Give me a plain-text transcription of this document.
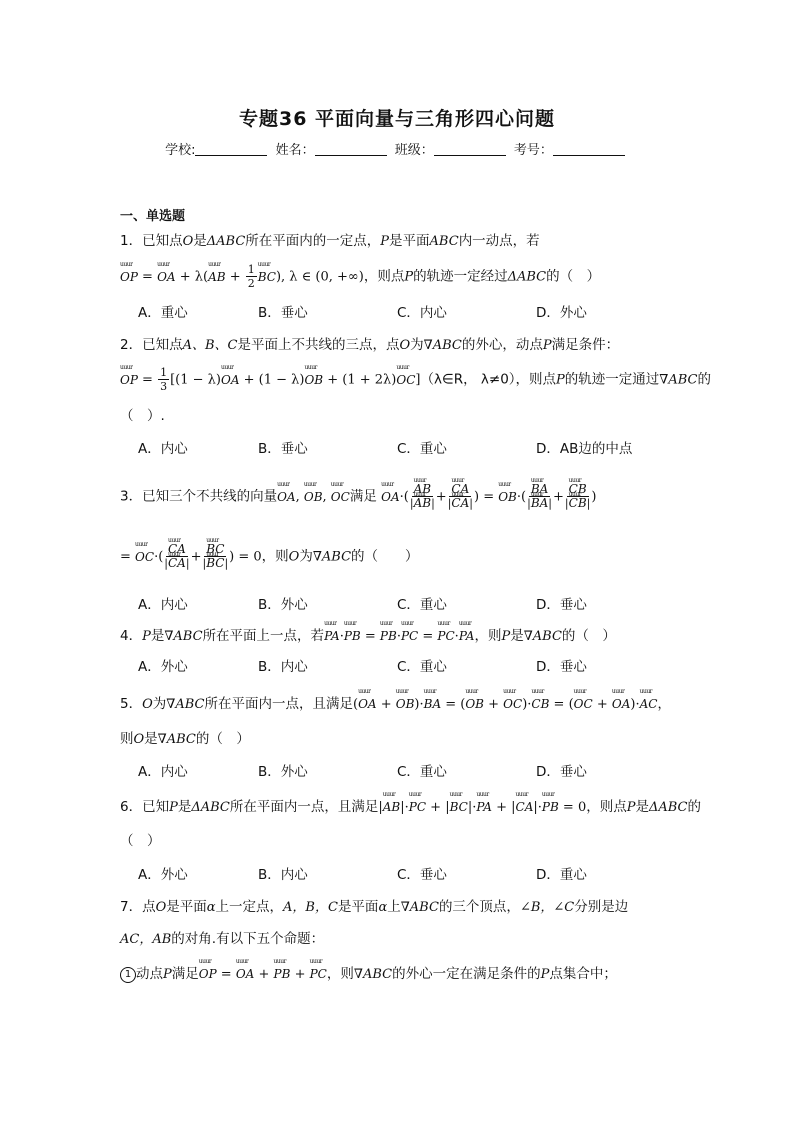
专题36 平面向量与三角形四心问题
学校:	姓名：	班级：	考号：
一、单选题
1．已知点O是ΔABC所在平面内的一定点，P是平面ABC内一动点，若
uuur OP = uuur OA + λ(uuur AB + $\frac{1}{2}$ uuur BC), λ ∈ (0, +∞)，则点P的轨迹一定经过ΔABC的（　）
A．重心	B．垂心	C．内心	D．外心
2．已知点A、B、C是平面上不共线的三点，点O为∇ABC的外心，动点P满足条件：
uuur OP = $\frac{1}{3} [(1$ − λ)uuur OA + (1 − λ)uuur OB + (1 + 2λ)uuur OC]（λ∈R， λ≠0），则点P的轨迹一定通过∇ABC的
（　）.
A．内心	B．垂心	C．重心	D．AB边的中点
3．已知三个不共线的向量uuur OA, uuur OB, uuur OC满足 uuur OA·( uuur $\frac{AB}{\text{|uuur AB|}}$ + uuur $\frac{CA}{\text{|uuur CA|}}$ ) = uuur OB·( uuur $\frac{BA}{\text{|uuur BA|}}$ + uuur $\frac{CB}{\text{|uuur CB|}}$ )
= uuur OC·( uuur $\frac{CA}{\text{|uuur CA|}}$ + uuur $\frac{BC}{\text{|uuur BC|}}$ ) = 0，则O为∇ABC的（　　）
A．内心	B．外心	C．重心	D．垂心
4．P是∇ABC所在平面上一点，若uuur PA·uuur PB = uuur PB·uuur PC = uuur PC·uuur PA，则P是∇ABC的（　）
A．外心	B．内心	C．重心	D．垂心
5．O为∇ABC所在平面内一点，且满足(uuur OA + uuur OB)·uuur BA = (uuur OB + uuur OC)·uuur CB = (uuur OC + uuur OA)·uuur AC，
则O是∇ABC的（　）
A．内心	B．外心	C．重心	D．垂心
6．已知P是ΔABC所在平面内一点，且满足|uuur AB|·uuur PC + |uuur BC|·uuur PA + |uuur CA|·uuur PB = 0，则点P是ΔABC的
（　）
A．外心	B．内心	C．垂心	D．重心
7．点O是平面α上一定点，A，B，C是平面α上∇ABC的三个顶点，∠B，∠C分别是边
AC，AB的对角.有以下五个命题：
1 动点P满足uuur OP = uuur OA + uuur PB + uuur PC，则∇ABC的外心一定在满足条件的P点集合中；
